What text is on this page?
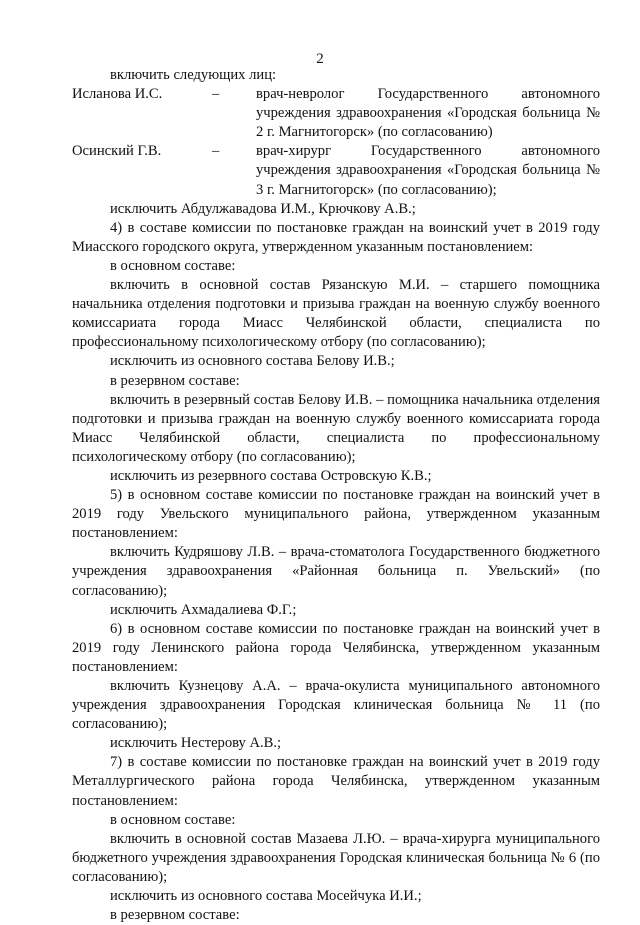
2

включить следующих лиц:

Исланова И.С.	–	врач-невролог Государственного автономного учреждения здравоохранения «Городская больница № 2 г. Магнитогорск» (по согласованию)
Осинский Г.В.	–	врач-хирург Государственного автономного учреждения здравоохранения «Городская больница № 3 г. Магнитогорск» (по согласованию);

исключить Абдулжавадова И.М., Крючкову А.В.;

4) в составе комиссии по постановке граждан на воинский учет в 2019 году Миасского городского округа, утвержденном указанным постановлением:

в основном составе:

включить в основной состав Рязанскую М.И. – старшего помощника начальника отделения подготовки и призыва граждан на военную службу военного комиссариата города Миасс Челябинской области, специалиста по профессиональному психологическому отбору (по согласованию);

исключить из основного состава Белову И.В.;

в резервном составе:

включить в резервный состав Белову И.В. – помощника начальника отделения подготовки и призыва граждан на военную службу военного комиссариата города Миасс Челябинской области, специалиста по профессиональному психологическому отбору (по согласованию);

исключить из резервного состава Островскую К.В.;

5) в основном составе комиссии по постановке граждан на воинский учет в 2019 году Увельского муниципального района, утвержденном указанным постановлением:

включить Кудряшову Л.В. – врача-стоматолога Государственного бюджетного учреждения здравоохранения «Районная больница п. Увельский» (по согласованию);

исключить Ахмадалиева Ф.Г.;

6) в основном составе комиссии по постановке граждан на воинский учет в 2019 году Ленинского района города Челябинска, утвержденном указанным постановлением:

включить Кузнецову А.А. – врача-окулиста муниципального автономного учреждения здравоохранения Городская клиническая больница № 11 (по согласованию);

исключить Нестерову А.В.;

7) в составе комиссии по постановке граждан на воинский учет в 2019 году Металлургического района города Челябинска, утвержденном указанным постановлением:

в основном составе:

включить в основной состав Мазаева Л.Ю. – врача-хирурга муниципального бюджетного учреждения здравоохранения Городская клиническая больница № 6 (по согласованию);

исключить из основного состава Мосейчука И.И.;

в резервном составе:
